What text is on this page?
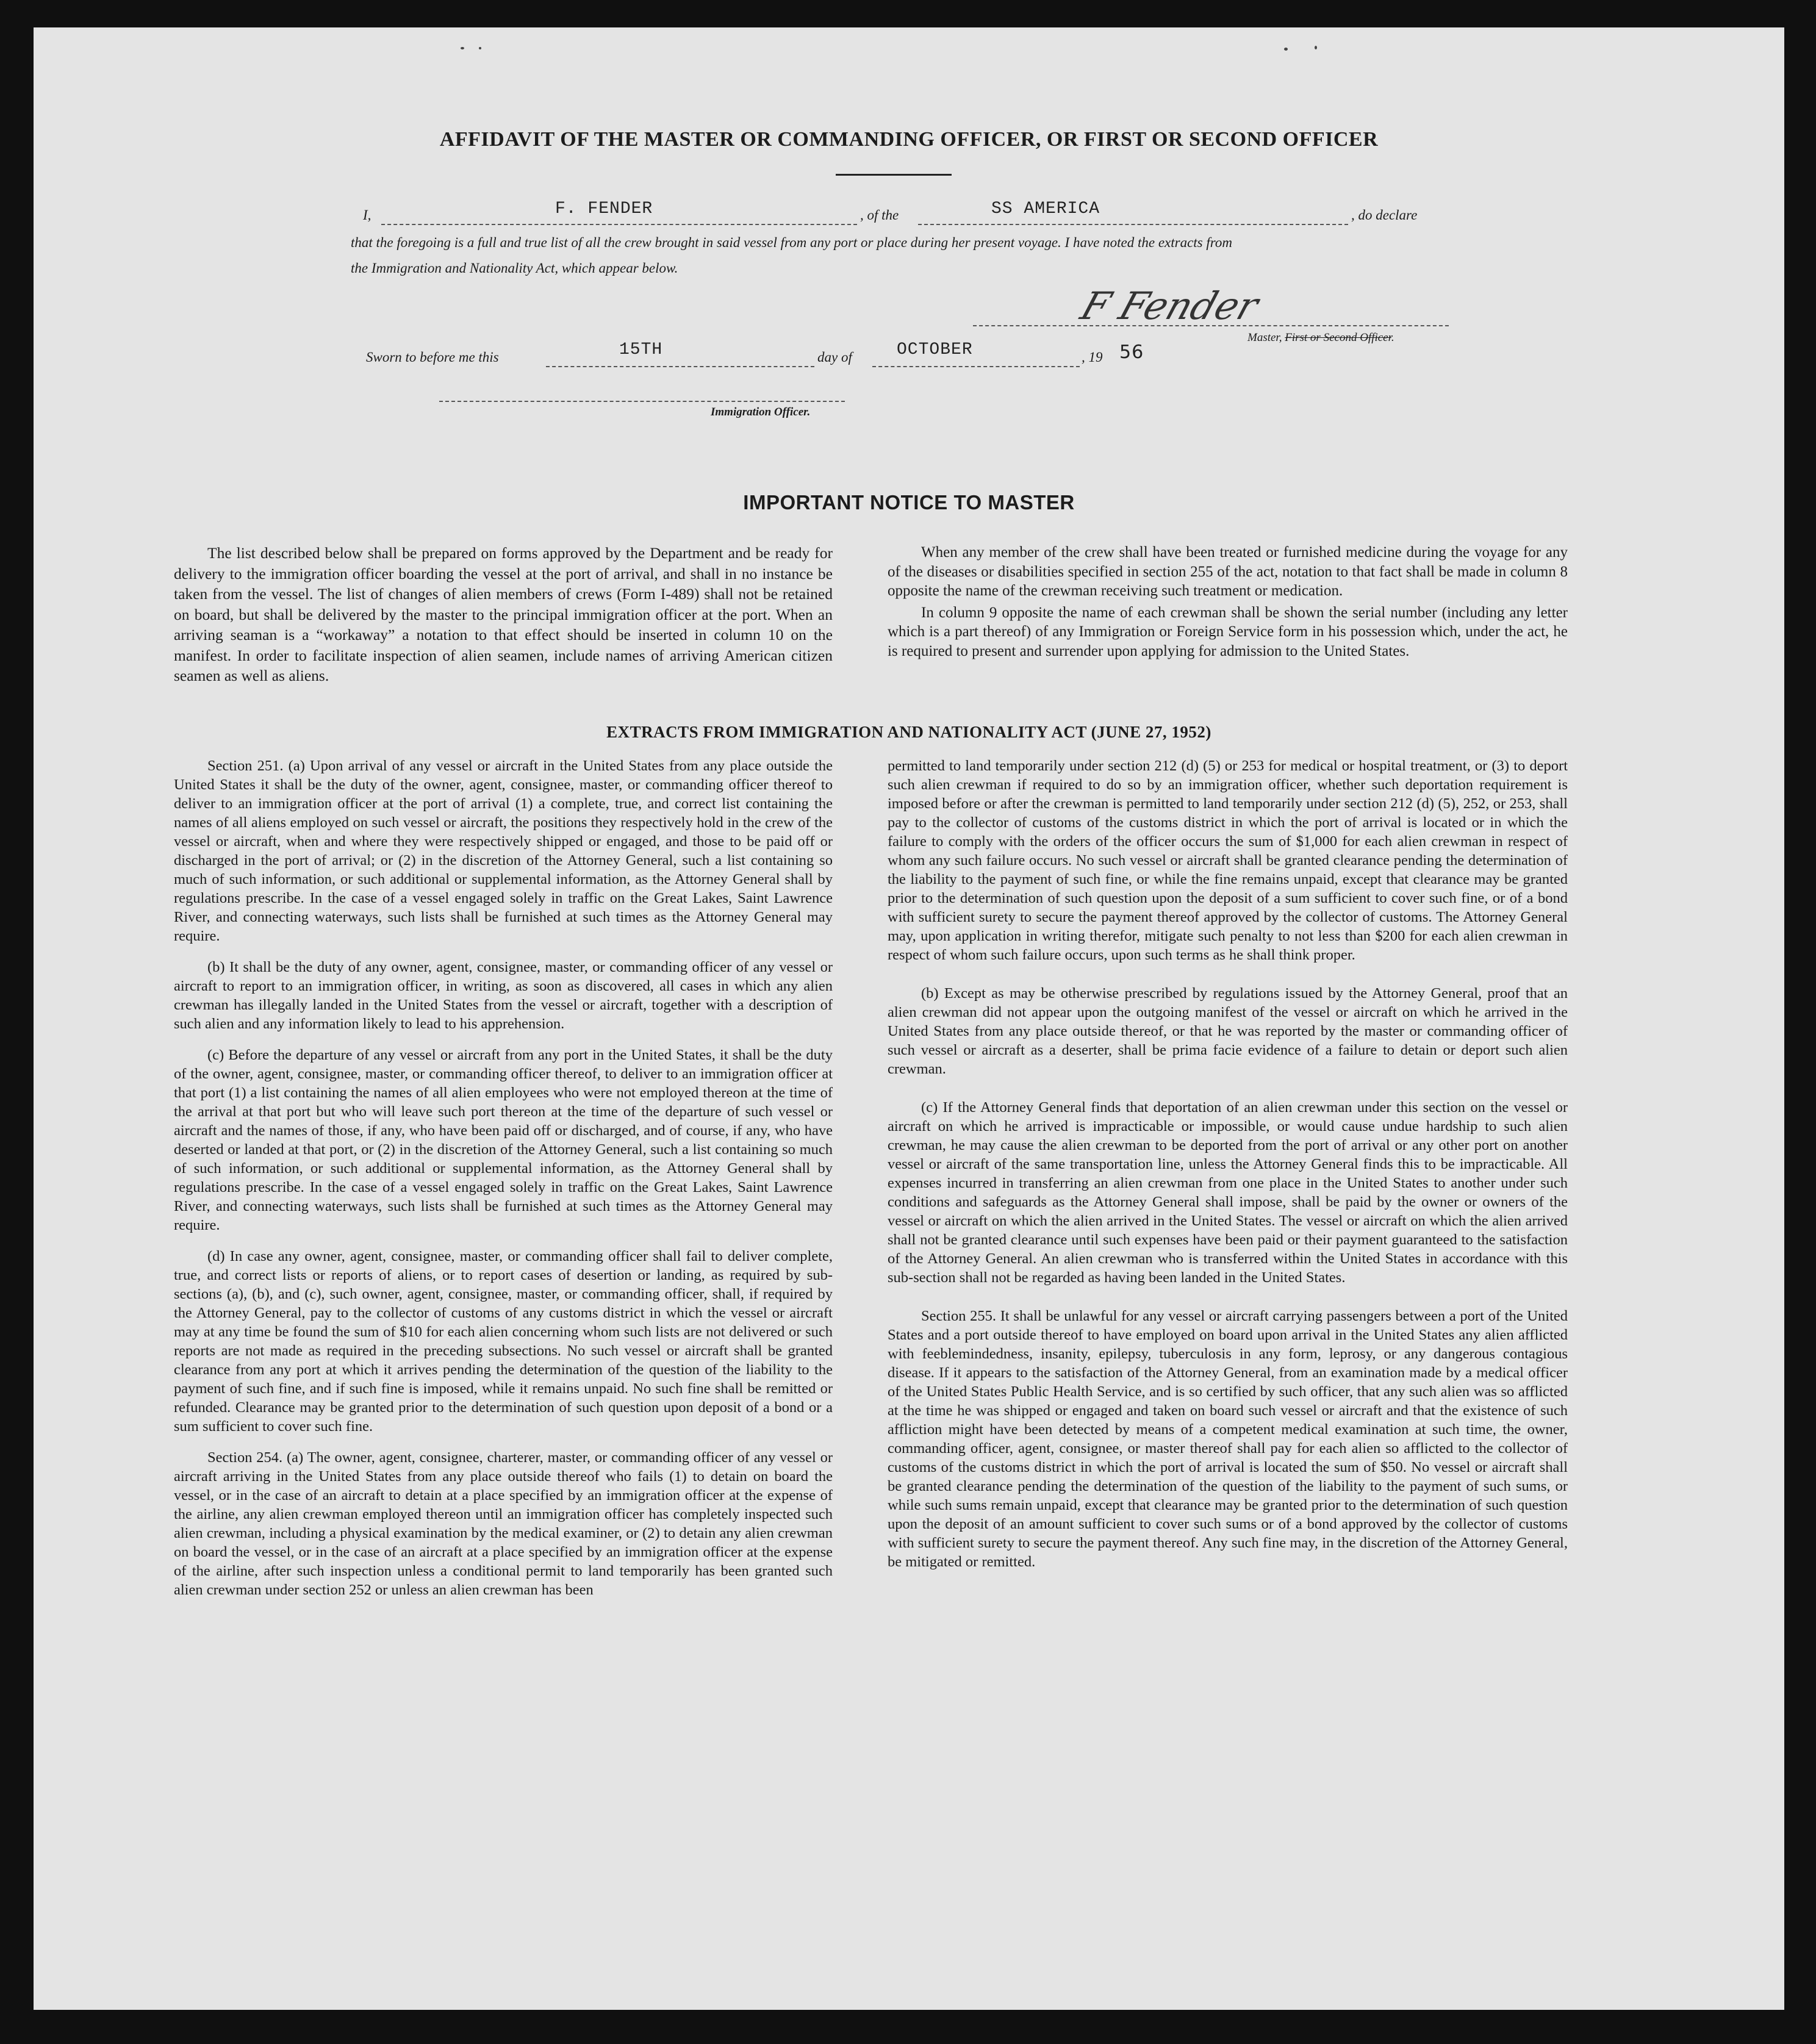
AFFIDAVIT OF THE MASTER OR COMMANDING OFFICER, OR FIRST OR SECOND OFFICER
I,	F. FENDER	, of the	SS AMERICA	, do declare
that the foregoing is a full and true list of all the crew brought in said vessel from any port or place during her present voyage. I have noted the extracts from
the Immigration and Nationality Act, which appear below.
F Fender
Master, First or Second Officer.
Sworn to before me this	15TH	day of	OCTOBER	, 19 56
Immigration Officer.
IMPORTANT NOTICE TO MASTER

The list described below shall be prepared on forms approved by the Department and be ready for delivery to the immigration officer boarding the vessel at the port of arrival, and shall in no instance be taken from the vessel. The list of changes of alien members of crews (Form I-489) shall not be retained on board, but shall be delivered by the master to the principal immigration officer at the port. When an arriving seaman is a “workaway” a notation to that effect should be inserted in column 10 on the manifest. In order to facilitate inspection of alien seamen, include names of arriving American citizen seamen as well as aliens.

When any member of the crew shall have been treated or furnished medicine during the voyage for any of the diseases or disabilities specified in section 255 of the act, notation to that fact shall be made in column 8 opposite the name of the crewman receiving such treatment or medication.

In column 9 opposite the name of each crewman shall be shown the serial number (including any letter which is a part thereof) of any Immigration or Foreign Service form in his possession which, under the act, he is required to present and surrender upon applying for admission to the United States.

EXTRACTS FROM IMMIGRATION AND NATIONALITY ACT (JUNE 27, 1952)

Section 251. (a) Upon arrival of any vessel or aircraft in the United States from any place outside the United States it shall be the duty of the owner, agent, consignee, master, or commanding officer thereof to deliver to an immigration officer at the port of arrival (1) a complete, true, and correct list containing the names of all aliens employed on such vessel or aircraft, the positions they respectively hold in the crew of the vessel or aircraft, when and where they were respectively shipped or engaged, and those to be paid off or discharged in the port of arrival; or (2) in the discretion of the Attorney General, such a list containing so much of such information, or such additional or supplemental information, as the Attorney General shall by regulations prescribe. In the case of a vessel engaged solely in traffic on the Great Lakes, Saint Lawrence River, and connecting waterways, such lists shall be furnished at such times as the Attorney General may require.

(b) It shall be the duty of any owner, agent, consignee, master, or commanding officer of any vessel or aircraft to report to an immigration officer, in writing, as soon as discovered, all cases in which any alien crewman has illegally landed in the United States from the vessel or aircraft, together with a description of such alien and any information likely to lead to his apprehension.

(c) Before the departure of any vessel or aircraft from any port in the United States, it shall be the duty of the owner, agent, consignee, master, or commanding officer thereof, to deliver to an immigration officer at that port (1) a list containing the names of all alien employees who were not employed thereon at the time of the arrival at that port but who will leave such port thereon at the time of the departure of such vessel or aircraft and the names of those, if any, who have been paid off or discharged, and of course, if any, who have deserted or landed at that port, or (2) in the discretion of the Attorney General, such a list containing so much of such information, or such additional or supplemental information, as the Attorney General shall by regulations prescribe. In the case of a vessel engaged solely in traffic on the Great Lakes, Saint Lawrence River, and connecting waterways, such lists shall be furnished at such times as the Attorney General may require.

(d) In case any owner, agent, consignee, master, or commanding officer shall fail to deliver complete, true, and correct lists or reports of aliens, or to report cases of desertion or landing, as required by sub-sections (a), (b), and (c), such owner, agent, consignee, master, or commanding officer, shall, if required by the Attorney General, pay to the collector of customs of any customs district in which the vessel or aircraft may at any time be found the sum of $10 for each alien concerning whom such lists are not delivered or such reports are not made as required in the preceding subsections. No such vessel or aircraft shall be granted clearance from any port at which it arrives pending the determination of the question of the liability to the payment of such fine, and if such fine is imposed, while it remains unpaid. No such fine shall be remitted or refunded. Clearance may be granted prior to the determination of such question upon deposit of a bond or a sum sufficient to cover such fine.

Section 254. (a) The owner, agent, consignee, charterer, master, or commanding officer of any vessel or aircraft arriving in the United States from any place outside thereof who fails (1) to detain on board the vessel, or in the case of an aircraft to detain at a place specified by an immigration officer at the expense of the airline, any alien crewman employed thereon until an immigration officer has completely inspected such alien crewman, including a physical examination by the medical examiner, or (2) to detain any alien crewman on board the vessel, or in the case of an aircraft at a place specified by an immigration officer at the expense of the airline, after such inspection unless a conditional permit to land temporarily has been granted such alien crewman under section 252 or unless an alien crewman has been

permitted to land temporarily under section 212 (d) (5) or 253 for medical or hospital treatment, or (3) to deport such alien crewman if required to do so by an immigration officer, whether such deportation requirement is imposed before or after the crewman is permitted to land temporarily under section 212 (d) (5), 252, or 253, shall pay to the collector of customs of the customs district in which the port of arrival is located or in which the failure to comply with the orders of the officer occurs the sum of $1,000 for each alien crewman in respect of whom any such failure occurs. No such vessel or aircraft shall be granted clearance pending the determination of the liability to the payment of such fine, or while the fine remains unpaid, except that clearance may be granted prior to the determination of such question upon the deposit of a sum sufficient to cover such fine, or of a bond with sufficient surety to secure the payment thereof approved by the collector of customs. The Attorney General may, upon application in writing therefor, mitigate such penalty to not less than $200 for each alien crewman in respect of whom such failure occurs, upon such terms as he shall think proper.

(b) Except as may be otherwise prescribed by regulations issued by the Attorney General, proof that an alien crewman did not appear upon the outgoing manifest of the vessel or aircraft on which he arrived in the United States from any place outside thereof, or that he was reported by the master or commanding officer of such vessel or aircraft as a deserter, shall be prima facie evidence of a failure to detain or deport such alien crewman.

(c) If the Attorney General finds that deportation of an alien crewman under this section on the vessel or aircraft on which he arrived is impracticable or impossible, or would cause undue hardship to such alien crewman, he may cause the alien crewman to be deported from the port of arrival or any other port on another vessel or aircraft of the same transportation line, unless the Attorney General finds this to be impracticable. All expenses incurred in transferring an alien crewman from one place in the United States to another under such conditions and safeguards as the Attorney General shall impose, shall be paid by the owner or owners of the vessel or aircraft on which the alien arrived in the United States. The vessel or aircraft on which the alien arrived shall not be granted clearance until such expenses have been paid or their payment guaranteed to the satisfaction of the Attorney General. An alien crewman who is transferred within the United States in accordance with this sub-section shall not be regarded as having been landed in the United States.

Section 255. It shall be unlawful for any vessel or aircraft carrying passengers between a port of the United States and a port outside thereof to have employed on board upon arrival in the United States any alien afflicted with feeblemindedness, insanity, epilepsy, tuberculosis in any form, leprosy, or any dangerous contagious disease. If it appears to the satisfaction of the Attorney General, from an examination made by a medical officer of the United States Public Health Service, and is so certified by such officer, that any such alien was so afflicted at the time he was shipped or engaged and taken on board such vessel or aircraft and that the existence of such affliction might have been detected by means of a competent medical examination at such time, the owner, commanding officer, agent, consignee, or master thereof shall pay for each alien so afflicted to the collector of customs of the customs district in which the port of arrival is located the sum of $50. No vessel or aircraft shall be granted clearance pending the determination of the question of the liability to the payment of such sums, or while such sums remain unpaid, except that clearance may be granted prior to the determination of such question upon the deposit of an amount sufficient to cover such sums or of a bond approved by the collector of customs with sufficient surety to secure the payment thereof. Any such fine may, in the discretion of the Attorney General, be mitigated or remitted.
